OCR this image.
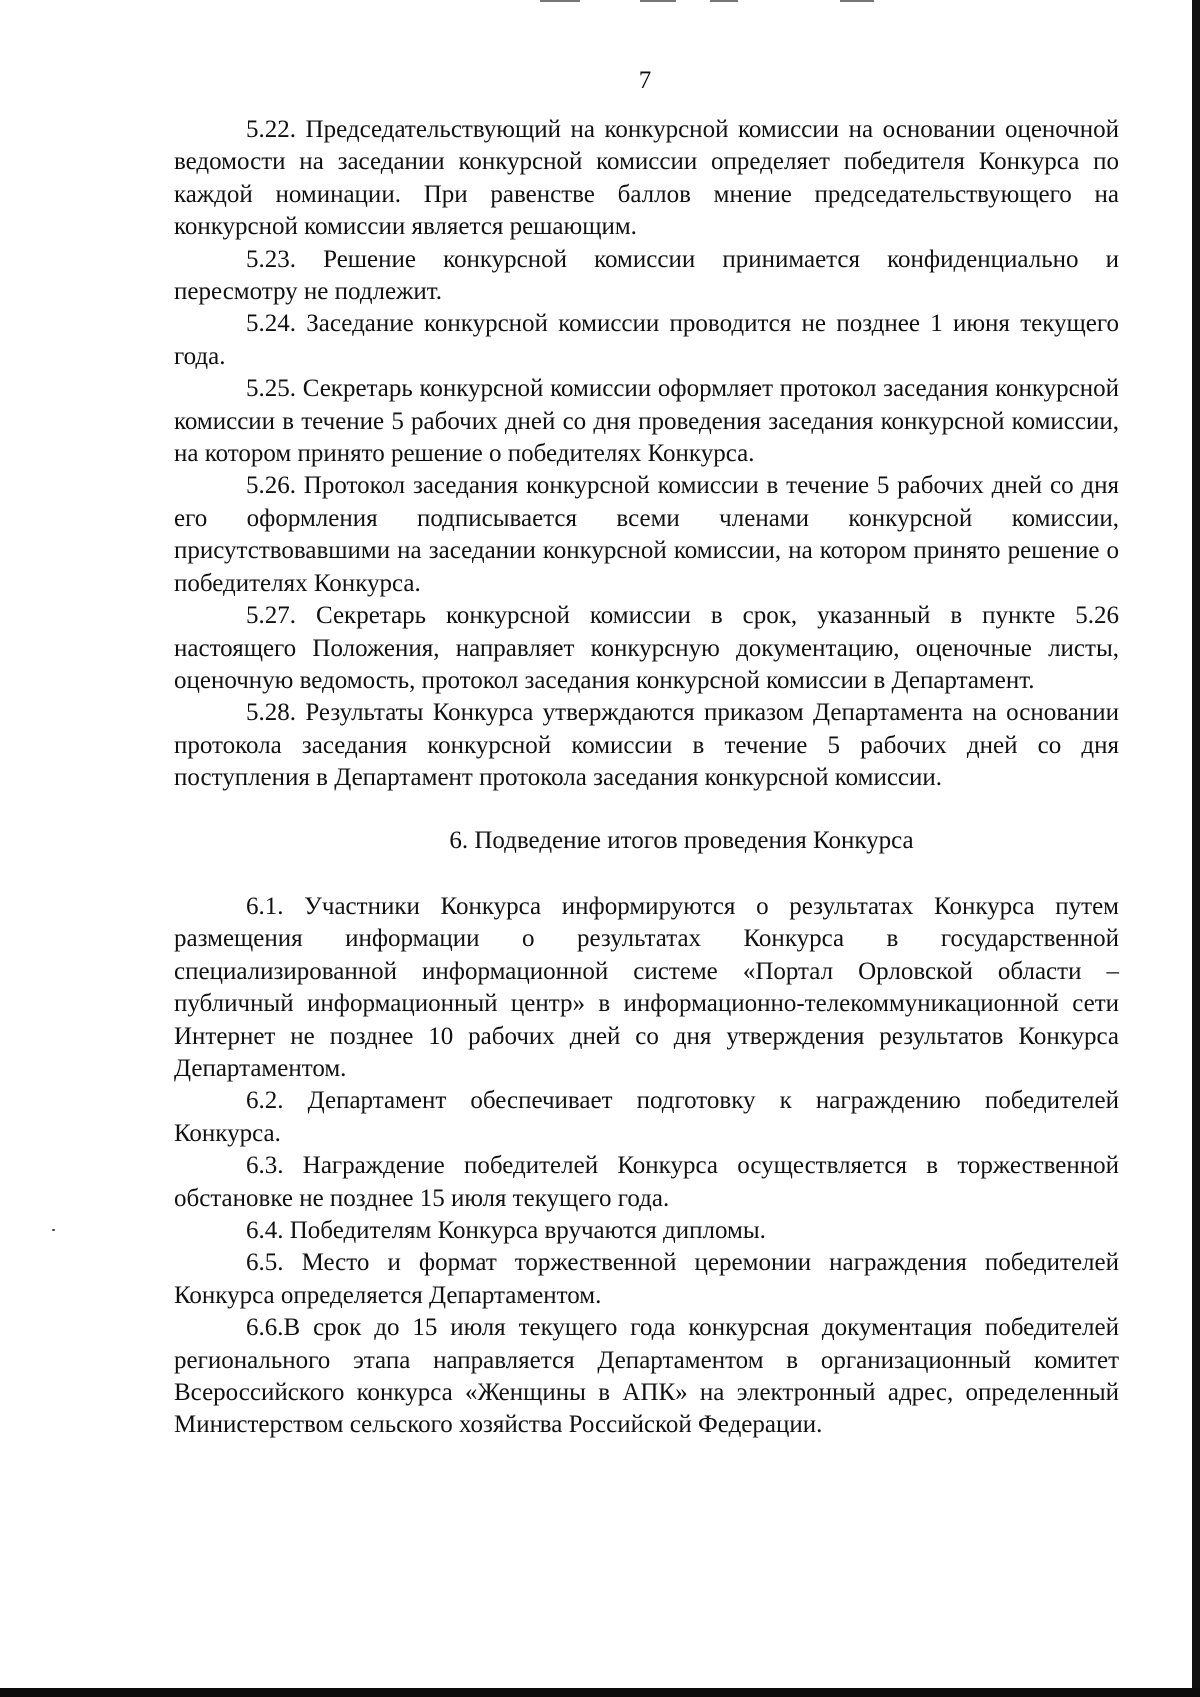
7

5.22. Председательствующий на конкурсной комиссии на основании оценочной ведомости на заседании конкурсной комиссии определяет победителя Конкурса по каждой номинации. При равенстве баллов мнение председательствующего на конкурсной комиссии является решающим.

5.23. Решение конкурсной комиссии принимается конфиденциально и пересмотру не подлежит.

5.24. Заседание конкурсной комиссии проводится не позднее 1 июня текущего года.

5.25. Секретарь конкурсной комиссии оформляет протокол заседания конкурсной комиссии в течение 5 рабочих дней со дня проведения заседания конкурсной комиссии, на котором принято решение о победителях Конкурса.

5.26. Протокол заседания конкурсной комиссии в течение 5 рабочих дней со дня его оформления подписывается всеми членами конкурсной комиссии, присутствовавшими на заседании конкурсной комиссии, на котором принято решение о победителях Конкурса.

5.27. Секретарь конкурсной комиссии в срок, указанный в пункте 5.26 настоящего Положения, направляет конкурсную документацию, оценочные листы, оценочную ведомость, протокол заседания конкурсной комиссии в Департамент.

5.28. Результаты Конкурса утверждаются приказом Департамента на основании протокола заседания конкурсной комиссии в течение 5 рабочих дней со дня поступления в Департамент протокола заседания конкурсной комиссии.

6. Подведение итогов проведения Конкурса

6.1. Участники Конкурса информируются о результатах Конкурса путем размещения информации о результатах Конкурса в государственной специализированной информационной системе «Портал Орловской области – публичный информационный центр» в информационно-телекоммуникационной сети Интернет не позднее 10 рабочих дней со дня утверждения результатов Конкурса Департаментом.

6.2. Департамент обеспечивает подготовку к награждению победителей Конкурса.

6.3. Награждение победителей Конкурса осуществляется в торжественной обстановке не позднее 15 июля текущего года.

6.4. Победителям Конкурса вручаются дипломы.

6.5. Место и формат торжественной церемонии награждения победителей Конкурса определяется Департаментом.

6.6.В срок до 15 июля текущего года конкурсная документация победителей регионального этапа направляется Департаментом в организационный комитет Всероссийского конкурса «Женщины в АПК» на электронный адрес, определенный Министерством сельского хозяйства Российской Федерации.
